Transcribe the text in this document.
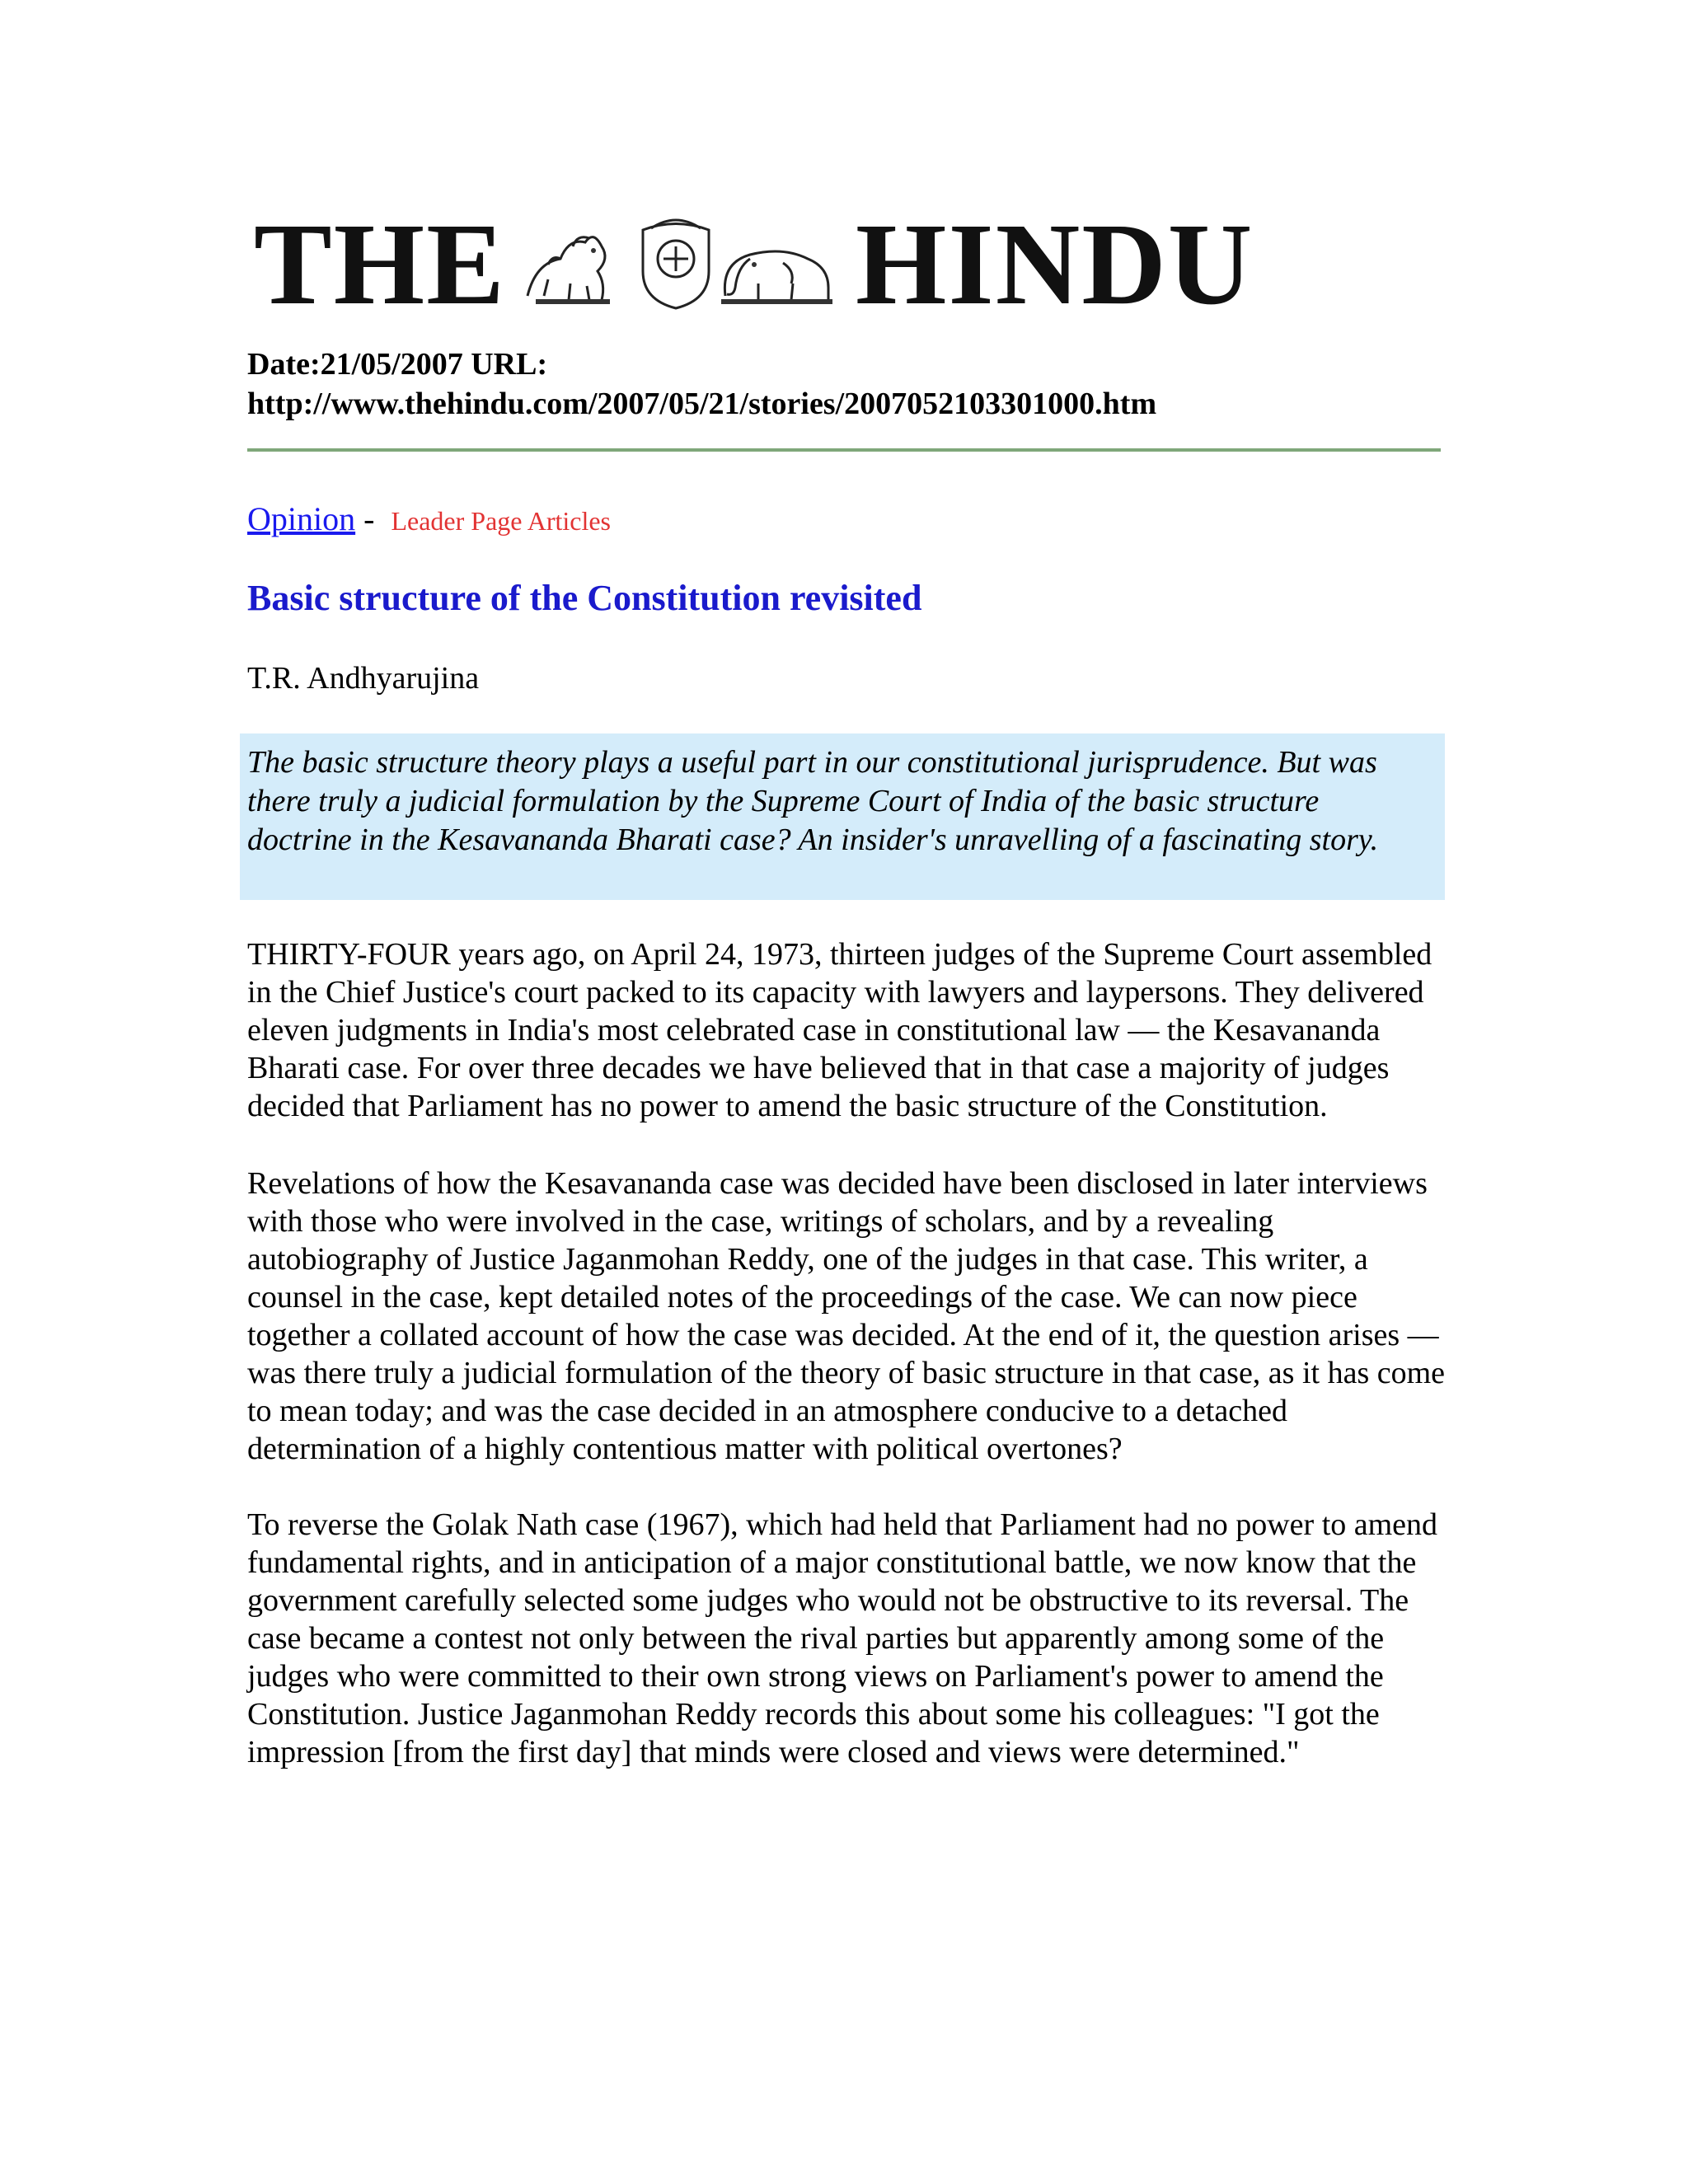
THE	HINDU
Date:21/05/2007 URL:
http://www.thehindu.com/2007/05/21/stories/2007052103301000.htm
Opinion - Leader Page Articles
Basic structure of the Constitution revisited
T.R. Andhyarujina

The basic structure theory plays a useful part in our constitutional jurisprudence. But was there truly a judicial formulation by the Supreme Court of India of the basic structure doctrine in the Kesavananda Bharati case? An insider's unravelling of a fascinating story.

THIRTY-FOUR years ago, on April 24, 1973, thirteen judges of the Supreme Court assembled in the Chief Justice's court packed to its capacity with lawyers and laypersons. They delivered eleven judgments in India's most celebrated case in constitutional law — the Kesavananda Bharati case. For over three decades we have believed that in that case a majority of judges decided that Parliament has no power to amend the basic structure of the Constitution.

Revelations of how the Kesavananda case was decided have been disclosed in later interviews with those who were involved in the case, writings of scholars, and by a revealing autobiography of Justice Jaganmohan Reddy, one of the judges in that case. This writer, a counsel in the case, kept detailed notes of the proceedings of the case. We can now piece together a collated account of how the case was decided. At the end of it, the question arises — was there truly a judicial formulation of the theory of basic structure in that case, as it has come to mean today; and was the case decided in an atmosphere conducive to a detached determination of a highly contentious matter with political overtones?

To reverse the Golak Nath case (1967), which had held that Parliament had no power to amend fundamental rights, and in anticipation of a major constitutional battle, we now know that the government carefully selected some judges who would not be obstructive to its reversal. The case became a contest not only between the rival parties but apparently among some of the judges who were committed to their own strong views on Parliament's power to amend the Constitution. Justice Jaganmohan Reddy records this about some his colleagues: "I got the impression [from the first day] that minds were closed and views were determined."
